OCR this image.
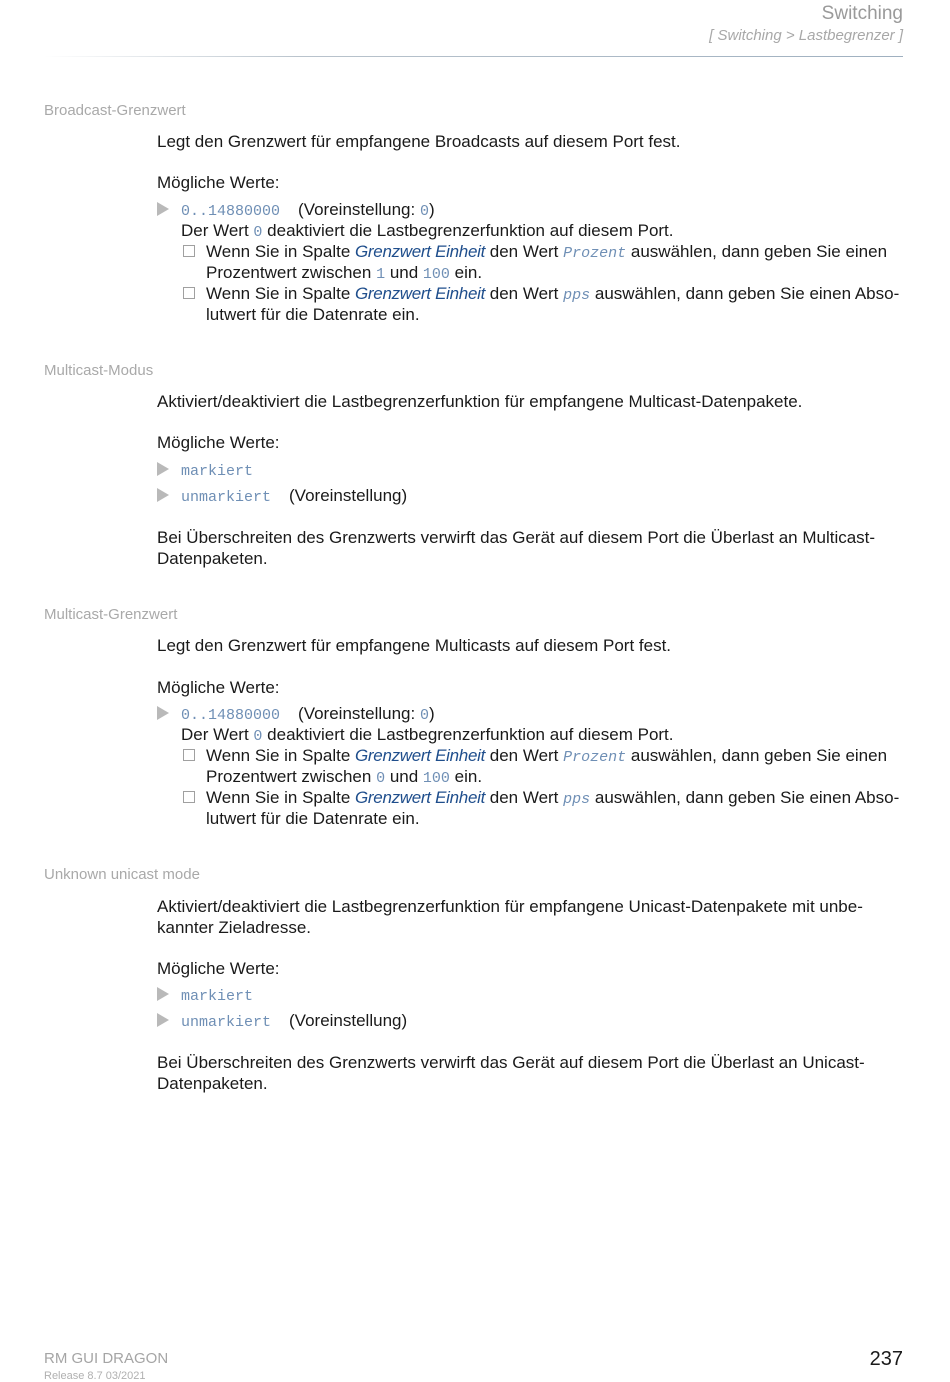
Switching
[ Switching > Lastbegrenzer ]
Broadcast-Grenzwert
Legt den Grenzwert für empfangene Broadcasts auf diesem Port fest.
Mögliche Werte:
0..14880000 (Voreinstellung: 0)
Der Wert 0 deaktiviert die Lastbegrenzerfunktion auf diesem Port.
Wenn Sie in Spalte Grenzwert Einheit den Wert Prozent auswählen, dann geben Sie einen
Prozentwert zwischen 1 und 100 ein.
Wenn Sie in Spalte Grenzwert Einheit den Wert pps auswählen, dann geben Sie einen Abso-
lutwert für die Datenrate ein.
Multicast-Modus
Aktiviert/deaktiviert die Lastbegrenzerfunktion für empfangene Multicast-Datenpakete.
Mögliche Werte:
markiert
unmarkiert (Voreinstellung)
Bei Überschreiten des Grenzwerts verwirft das Gerät auf diesem Port die Überlast an Multicast-
Datenpaketen.
Multicast-Grenzwert
Legt den Grenzwert für empfangene Multicasts auf diesem Port fest.
Mögliche Werte:
0..14880000 (Voreinstellung: 0)
Der Wert 0 deaktiviert die Lastbegrenzerfunktion auf diesem Port.
Wenn Sie in Spalte Grenzwert Einheit den Wert Prozent auswählen, dann geben Sie einen
Prozentwert zwischen 0 und 100 ein.
Wenn Sie in Spalte Grenzwert Einheit den Wert pps auswählen, dann geben Sie einen Abso-
lutwert für die Datenrate ein.
Unknown unicast mode
Aktiviert/deaktiviert die Lastbegrenzerfunktion für empfangene Unicast-Datenpakete mit unbe-
kannter Zieladresse.
Mögliche Werte:
markiert
unmarkiert (Voreinstellung)
Bei Überschreiten des Grenzwerts verwirft das Gerät auf diesem Port die Überlast an Unicast-
Datenpaketen.
RM GUI DRAGON
Release 8.7 03/2021
237
